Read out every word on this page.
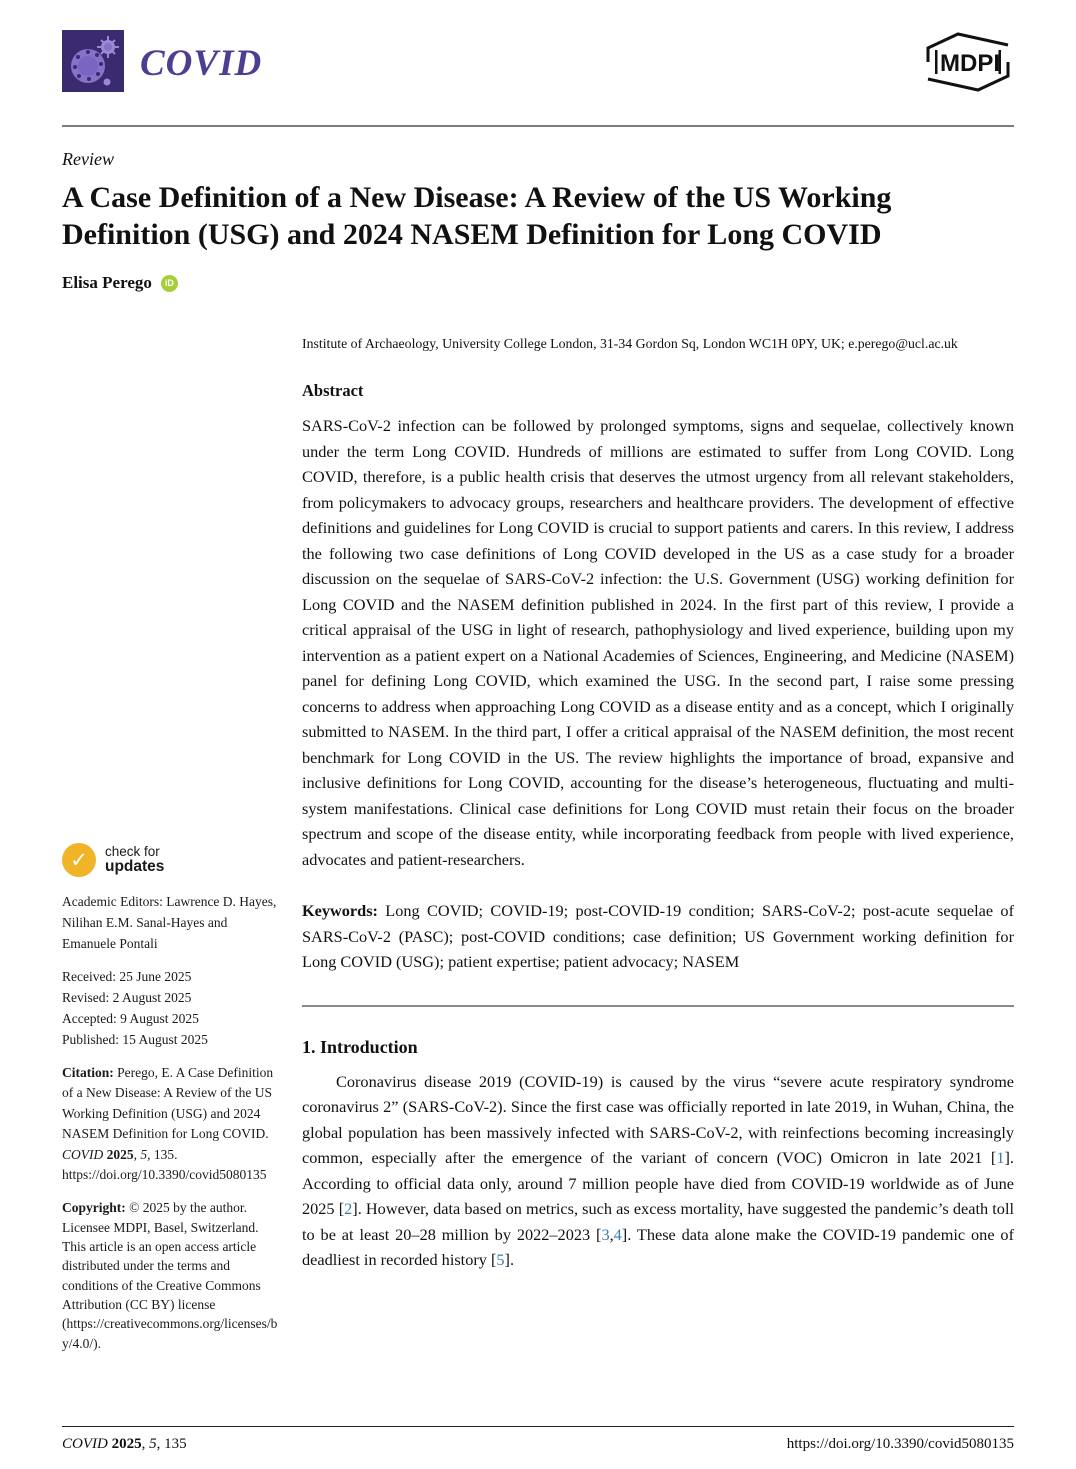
COVID	MDPI
Review
A Case Definition of a New Disease: A Review of the US Working Definition (USG) and 2024 NASEM Definition for Long COVID
Elisa Perego	iD
Institute of Archaeology, University College London, 31-34 Gordon Sq, London WC1H 0PY, UK; e.perego@ucl.ac.uk
Abstract
SARS-CoV-2 infection can be followed by prolonged symptoms, signs and sequelae, collectively known under the term Long COVID. Hundreds of millions are estimated to suffer from Long COVID. Long COVID, therefore, is a public health crisis that deserves the utmost urgency from all relevant stakeholders, from policymakers to advocacy groups, researchers and healthcare providers. The development of effective definitions and guidelines for Long COVID is crucial to support patients and carers. In this review, I address the following two case definitions of Long COVID developed in the US as a case study for a broader discussion on the sequelae of SARS-CoV-2 infection: the U.S. Government (USG) working definition for Long COVID and the NASEM definition published in 2024. In the first part of this review, I provide a critical appraisal of the USG in light of research, pathophysiology and lived experience, building upon my intervention as a patient expert on a National Academies of Sciences, Engineering, and Medicine (NASEM) panel for defining Long COVID, which examined the USG. In the second part, I raise some pressing concerns to address when approaching Long COVID as a disease entity and as a concept, which I originally submitted to NASEM. In the third part, I offer a critical appraisal of the NASEM definition, the most recent benchmark for Long COVID in the US. The review highlights the importance of broad, expansive and inclusive definitions for Long COVID, accounting for the disease’s heterogeneous, fluctuating and multi-system manifestations. Clinical case definitions for Long COVID must retain their focus on the broader spectrum and scope of the disease entity, while incorporating feedback from people with lived experience, advocates and patient-researchers.
Keywords: Long COVID; COVID-19; post-COVID-19 condition; SARS-CoV-2; post-acute sequelae of SARS-CoV-2 (PASC); post-COVID conditions; case definition; US Government working definition for Long COVID (USG); patient expertise; patient advocacy; NASEM
1. Introduction

Coronavirus disease 2019 (COVID-19) is caused by the virus “severe acute respiratory syndrome coronavirus 2” (SARS-CoV-2). Since the first case was officially reported in late 2019, in Wuhan, China, the global population has been massively infected with SARS-CoV-2, with reinfections becoming increasingly common, especially after the emergence of the variant of concern (VOC) Omicron in late 2021 [1]. According to official data only, around 7 million people have died from COVID-19 worldwide as of June 2025 [2]. However, data based on metrics, such as excess mortality, have suggested the pandemic’s death toll to be at least 20–28 million by 2022–2023 [3,4]. These data alone make the COVID-19 pandemic one of deadliest in recorded history [5].

✓	check for
updates
Academic Editors: Lawrence D. Hayes, Nilihan E.M. Sanal-Hayes and Emanuele Pontali
Received: 25 June 2025
Revised: 2 August 2025
Accepted: 9 August 2025
Published: 15 August 2025
Citation: Perego, E. A Case Definition of a New Disease: A Review of the US Working Definition (USG) and 2024 NASEM Definition for Long COVID. COVID 2025, 5, 135. https://doi.org/10.3390/covid5080135
Copyright: © 2025 by the author. Licensee MDPI, Basel, Switzerland. This article is an open access article distributed under the terms and conditions of the Creative Commons Attribution (CC BY) license (https://creativecommons.org/licenses/by/4.0/).
COVID 2025, 5, 135	https://doi.org/10.3390/covid5080135
